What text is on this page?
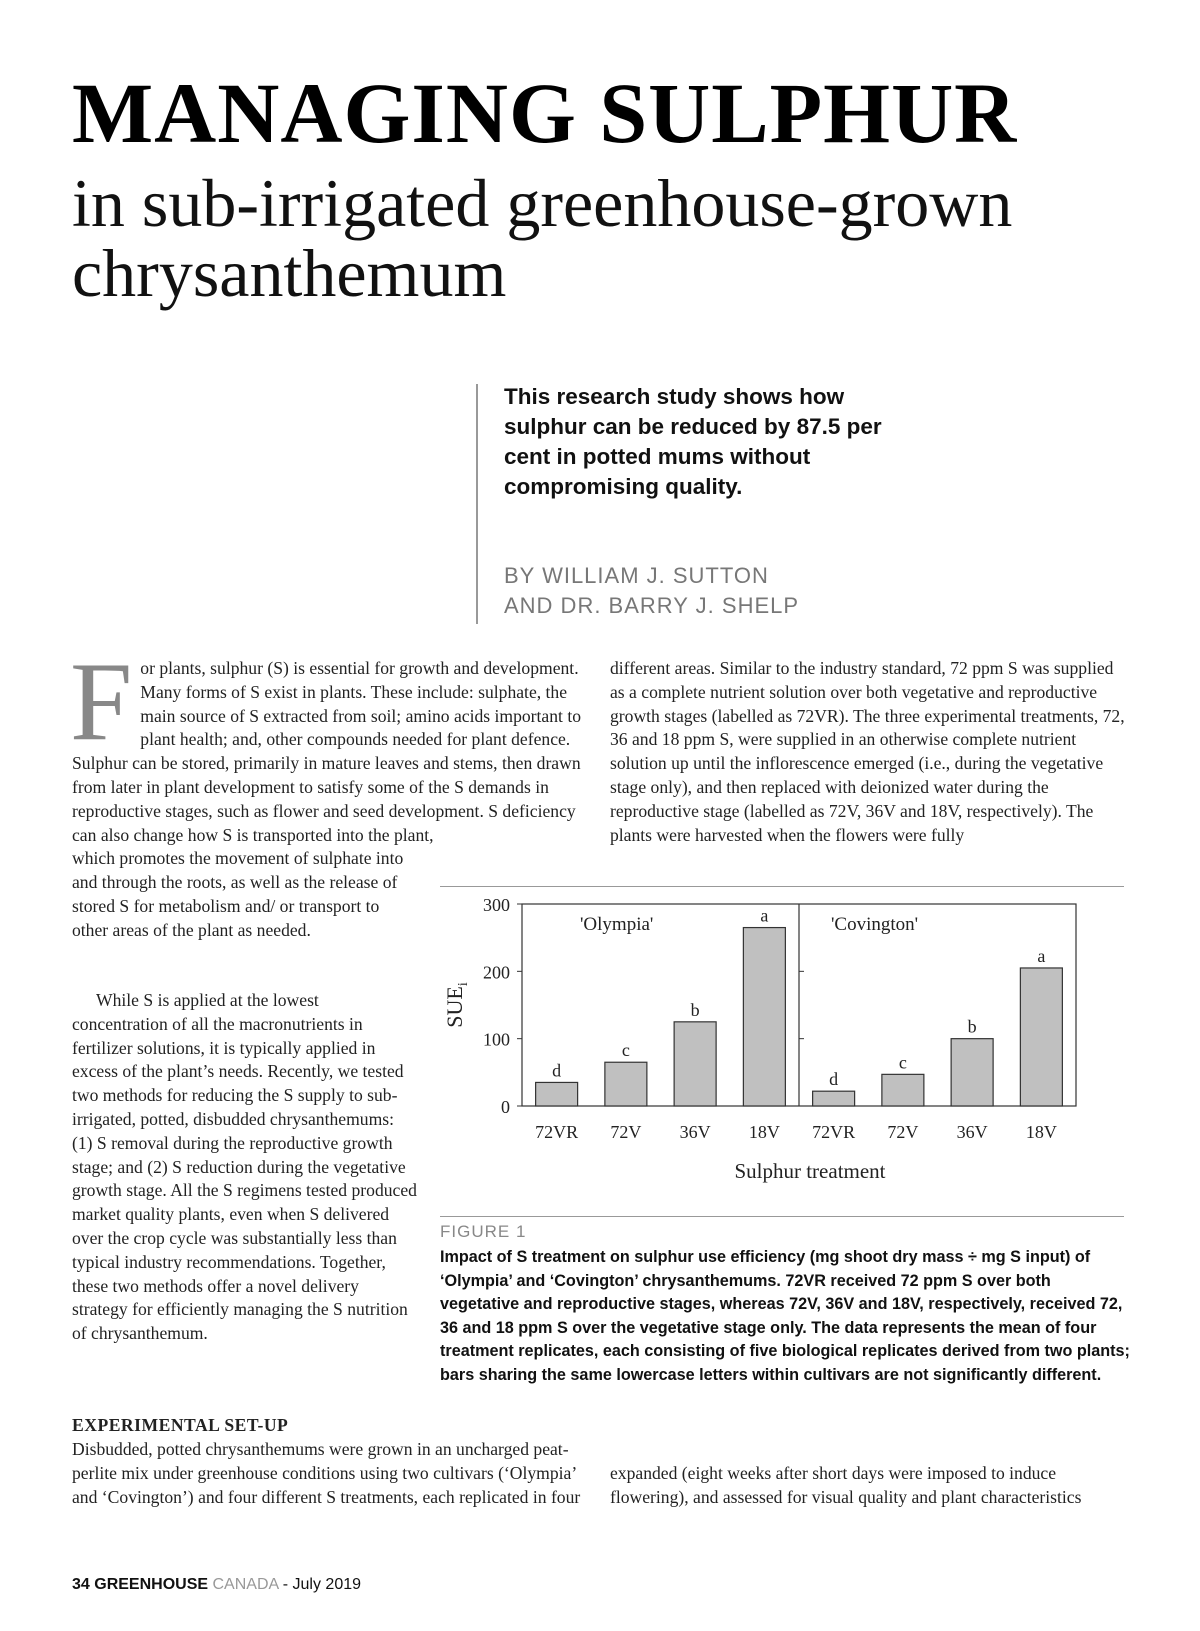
MANAGING SULPHUR
in sub-irrigated greenhouse-grown chrysanthemum

This research study shows how sulphur can be reduced by 87.5 per cent in potted mums without compromising quality.

BY WILLIAM J. SUTTON
AND DR. BARRY J. SHELP

For plants, sulphur (S) is essential for growth and development. Many forms of S exist in plants. These include: sulphate, the main source of S extracted from soil; amino acids important to plant health; and, other compounds needed for plant defence. Sulphur can be stored, primarily in mature leaves and stems, then drawn from later in plant development to satisfy some of the S demands in reproductive stages, such as flower and seed development. S deficiency can also change how S is transported into the plant,
which promotes the movement of sulphate into and through the roots, as well as the release of stored S for metabolism and/ or transport to other areas of the plant as needed.

While S is applied at the lowest concentration of all the macronutrients in fertilizer solutions, it is typically applied in excess of the plant’s needs. Recently, we tested two methods for reducing the S supply to sub-irrigated, potted, disbudded chrysanthemums: (1) S removal during the reproductive growth stage; and (2) S reduction during the vegetative growth stage. All the S regimens tested produced market quality plants, even when S delivered over the crop cycle was substantially less than typical industry recommendations. Together, these two methods offer a novel delivery strategy for efficiently managing the S nutrition of chrysanthemum.

different areas. Similar to the industry standard, 72 ppm S was supplied as a complete nutrient solution over both vegetative and reproductive growth stages (labelled as 72VR). The three experimental treatments, 72, 36 and 18 ppm S, were supplied in an otherwise complete nutrient solution up until the inflorescence emerged (i.e., during the vegetative stage only), and then replaced with deionized water during the reproductive stage (labelled as 72V, 36V and 18V, respectively). The plants were harvested when the flowers were fully

EXPERIMENTAL SET-UP

Disbudded, potted chrysanthemums were grown in an uncharged peat-perlite mix under greenhouse conditions using two cultivars (‘Olympia’ and ‘Covington’) and four different S treatments, each replicated in four

expanded (eight weeks after short days were imposed to induce flowering), and assessed for visual quality and plant characteristics

0
100
200
300
$SUE_i$
'Olympia'
d
72VR
c
72V
b
36V
a
18V
'Covington'
d
72VR
c
72V
b
36V
a
18V
Sulphur treatment

FIGURE 1

Impact of S treatment on sulphur use efficiency (mg shoot dry mass ÷ mg S input) of ‘Olympia’ and ‘Covington’ chrysanthemums. 72VR received 72 ppm S over both vegetative and reproductive stages, whereas 72V, 36V and 18V, respectively, received 72, 36 and 18 ppm S over the vegetative stage only. The data represents the mean of four treatment replicates, each consisting of five biological replicates derived from two plants; bars sharing the same lowercase letters within cultivars are not significantly different.

34 GREENHOUSE CANADA - July 2019
